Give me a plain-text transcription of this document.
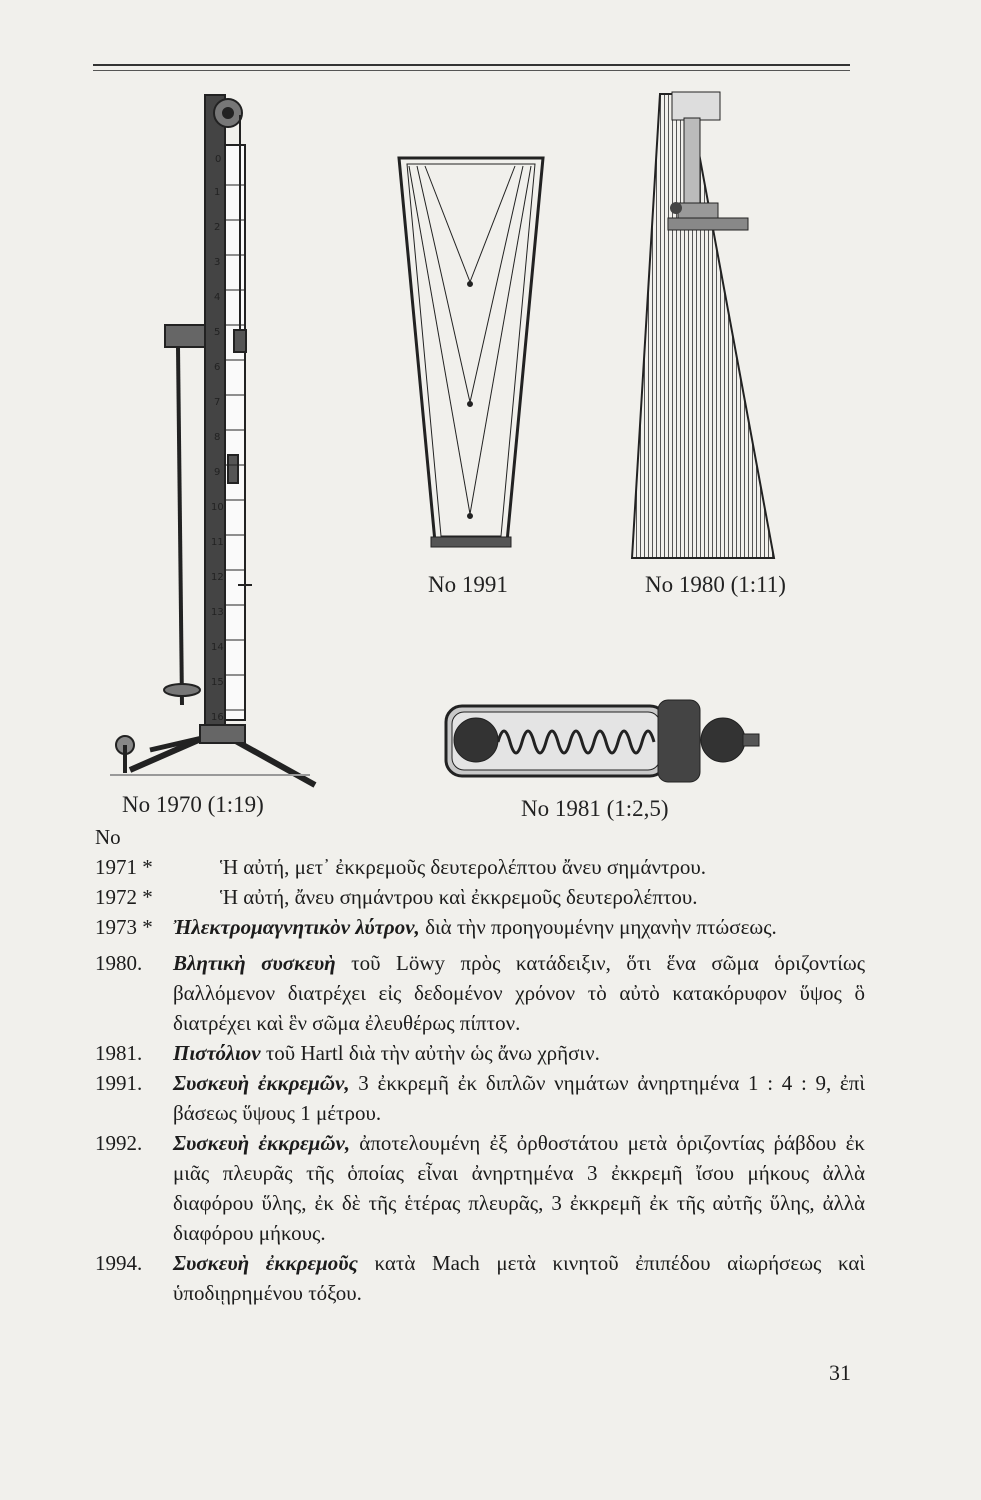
0
1
2
3
4
5
6
7
8
9
10
11
12
13
14
15
16
No 1970 (1:19)
No 1991	No 1980 (1:11)
No 1981 (1:2,5)
No
1971 *	Ἡ αὐτή, μετ᾽ ἐκκρεμοῦς δευτερολέπτου ἄνευ σημάντρου.
1972 *	Ἡ αὐτή, ἄνευ σημάντρου καὶ ἐκκρεμοῦς δευτερολέπτου.
1973 * Ἠλεκτρομαγνητικὸν λύτρον, διὰ τὴν προηγουμένην μηχανὴν πτώσεως.
1980. Βλητικὴ συσκευὴ τοῦ Löwy πρὸς κατάδειξιν, ὅτι ἕνα σῶμα ὁριζοντίως βαλλόμενον διατρέχει εἰς δεδομένον χρόνον τὸ αὐτὸ κατακόρυφον ὕψος ὃ διατρέχει καὶ ἓν σῶμα ἐλευθέρως πίπτον.
1981. Πιστόλιον τοῦ Hartl διὰ τὴν αὐτὴν ὡς ἄνω χρῆσιν.
1991. Συσκευὴ ἐκκρεμῶν, 3 ἐκκρεμῆ ἐκ διπλῶν νημάτων ἀνηρτημένα 1 : 4 : 9, ἐπὶ βάσεως ὕψους 1 μέτρου.
1992. Συσκευὴ ἐκκρεμῶν, ἀποτελουμένη ἐξ ὀρθοστάτου μετὰ ὁριζοντίας ῥάβδου ἐκ μιᾶς πλευρᾶς τῆς ὁποίας εἶναι ἀνηρτημένα 3 ἐκκρεμῆ ἴσου μήκους ἀλλὰ διαφόρου ὕλης, ἐκ δὲ τῆς ἑτέρας πλευρᾶς, 3 ἐκκρεμῆ ἐκ τῆς αὐτῆς ὕλης, ἀλλὰ διαφόρου μήκους.
1994. Συσκευὴ ἐκκρεμοῦς κατὰ Mach μετὰ κινητοῦ ἐπιπέδου αἰωρήσεως καὶ ὑποδιῃρημένου τόξου.
31
